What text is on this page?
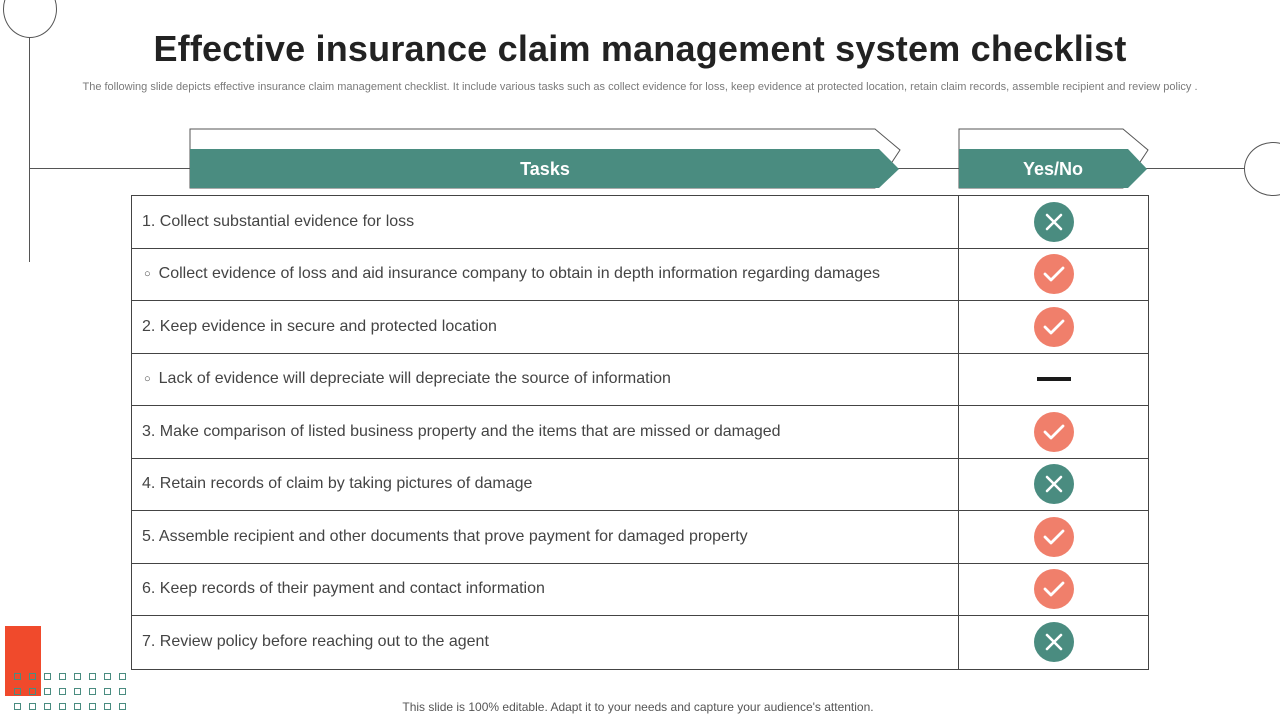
Effective insurance claim management system checklist
The following slide depicts effective insurance claim management checklist. It include various tasks such as collect evidence for loss, keep evidence at protected location, retain claim records, assemble recipient and review policy .
Tasks	Yes/No
1. Collect substantial evidence for loss
○ Collect evidence of loss and aid insurance company to obtain in depth information regarding damages
2. Keep evidence in secure and protected location
○ Lack of evidence will depreciate will depreciate the source of information
3. Make comparison of listed business property and the items that are missed or damaged
4. Retain records of claim by taking pictures of damage
5. Assemble recipient and other documents that prove payment for damaged property
6. Keep records of their payment and contact information
7. Review policy before reaching out to the agent
This slide is 100% editable. Adapt it to your needs and capture your audience's attention.
